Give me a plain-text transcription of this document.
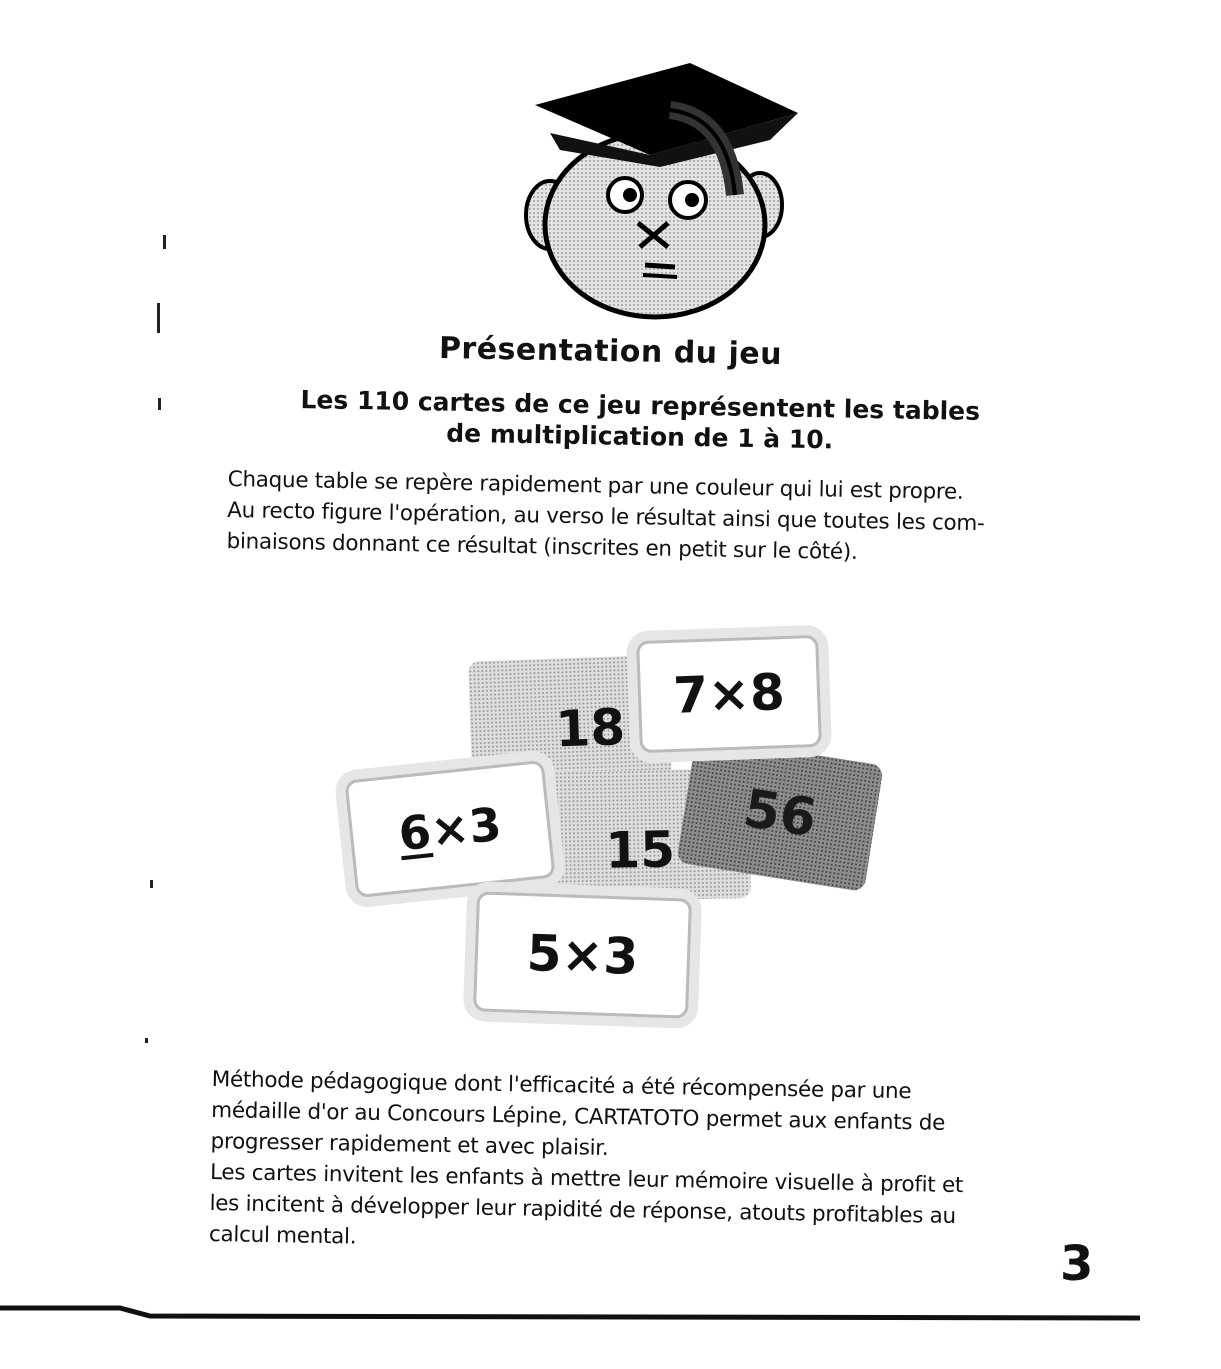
Présentation du jeu
Les 110 cartes de ce jeu représentent les tables
de multiplication de 1 à 10.

Chaque table se repère rapidement par une couleur qui lui est propre.

Au recto figure l'opération, au verso le résultat ainsi que toutes les com-

binaisons donnant ce résultat (inscrites en petit sur le côté).

18
15
56
7×8
6×3
5×3

Méthode pédagogique dont l'efficacité a été récompensée par une

médaille d'or au Concours Lépine, CARTATOTO permet aux enfants de

progresser rapidement et avec plaisir.

Les cartes invitent les enfants à mettre leur mémoire visuelle à profit et

les incitent à développer leur rapidité de réponse, atouts profitables au

calcul mental.

3
